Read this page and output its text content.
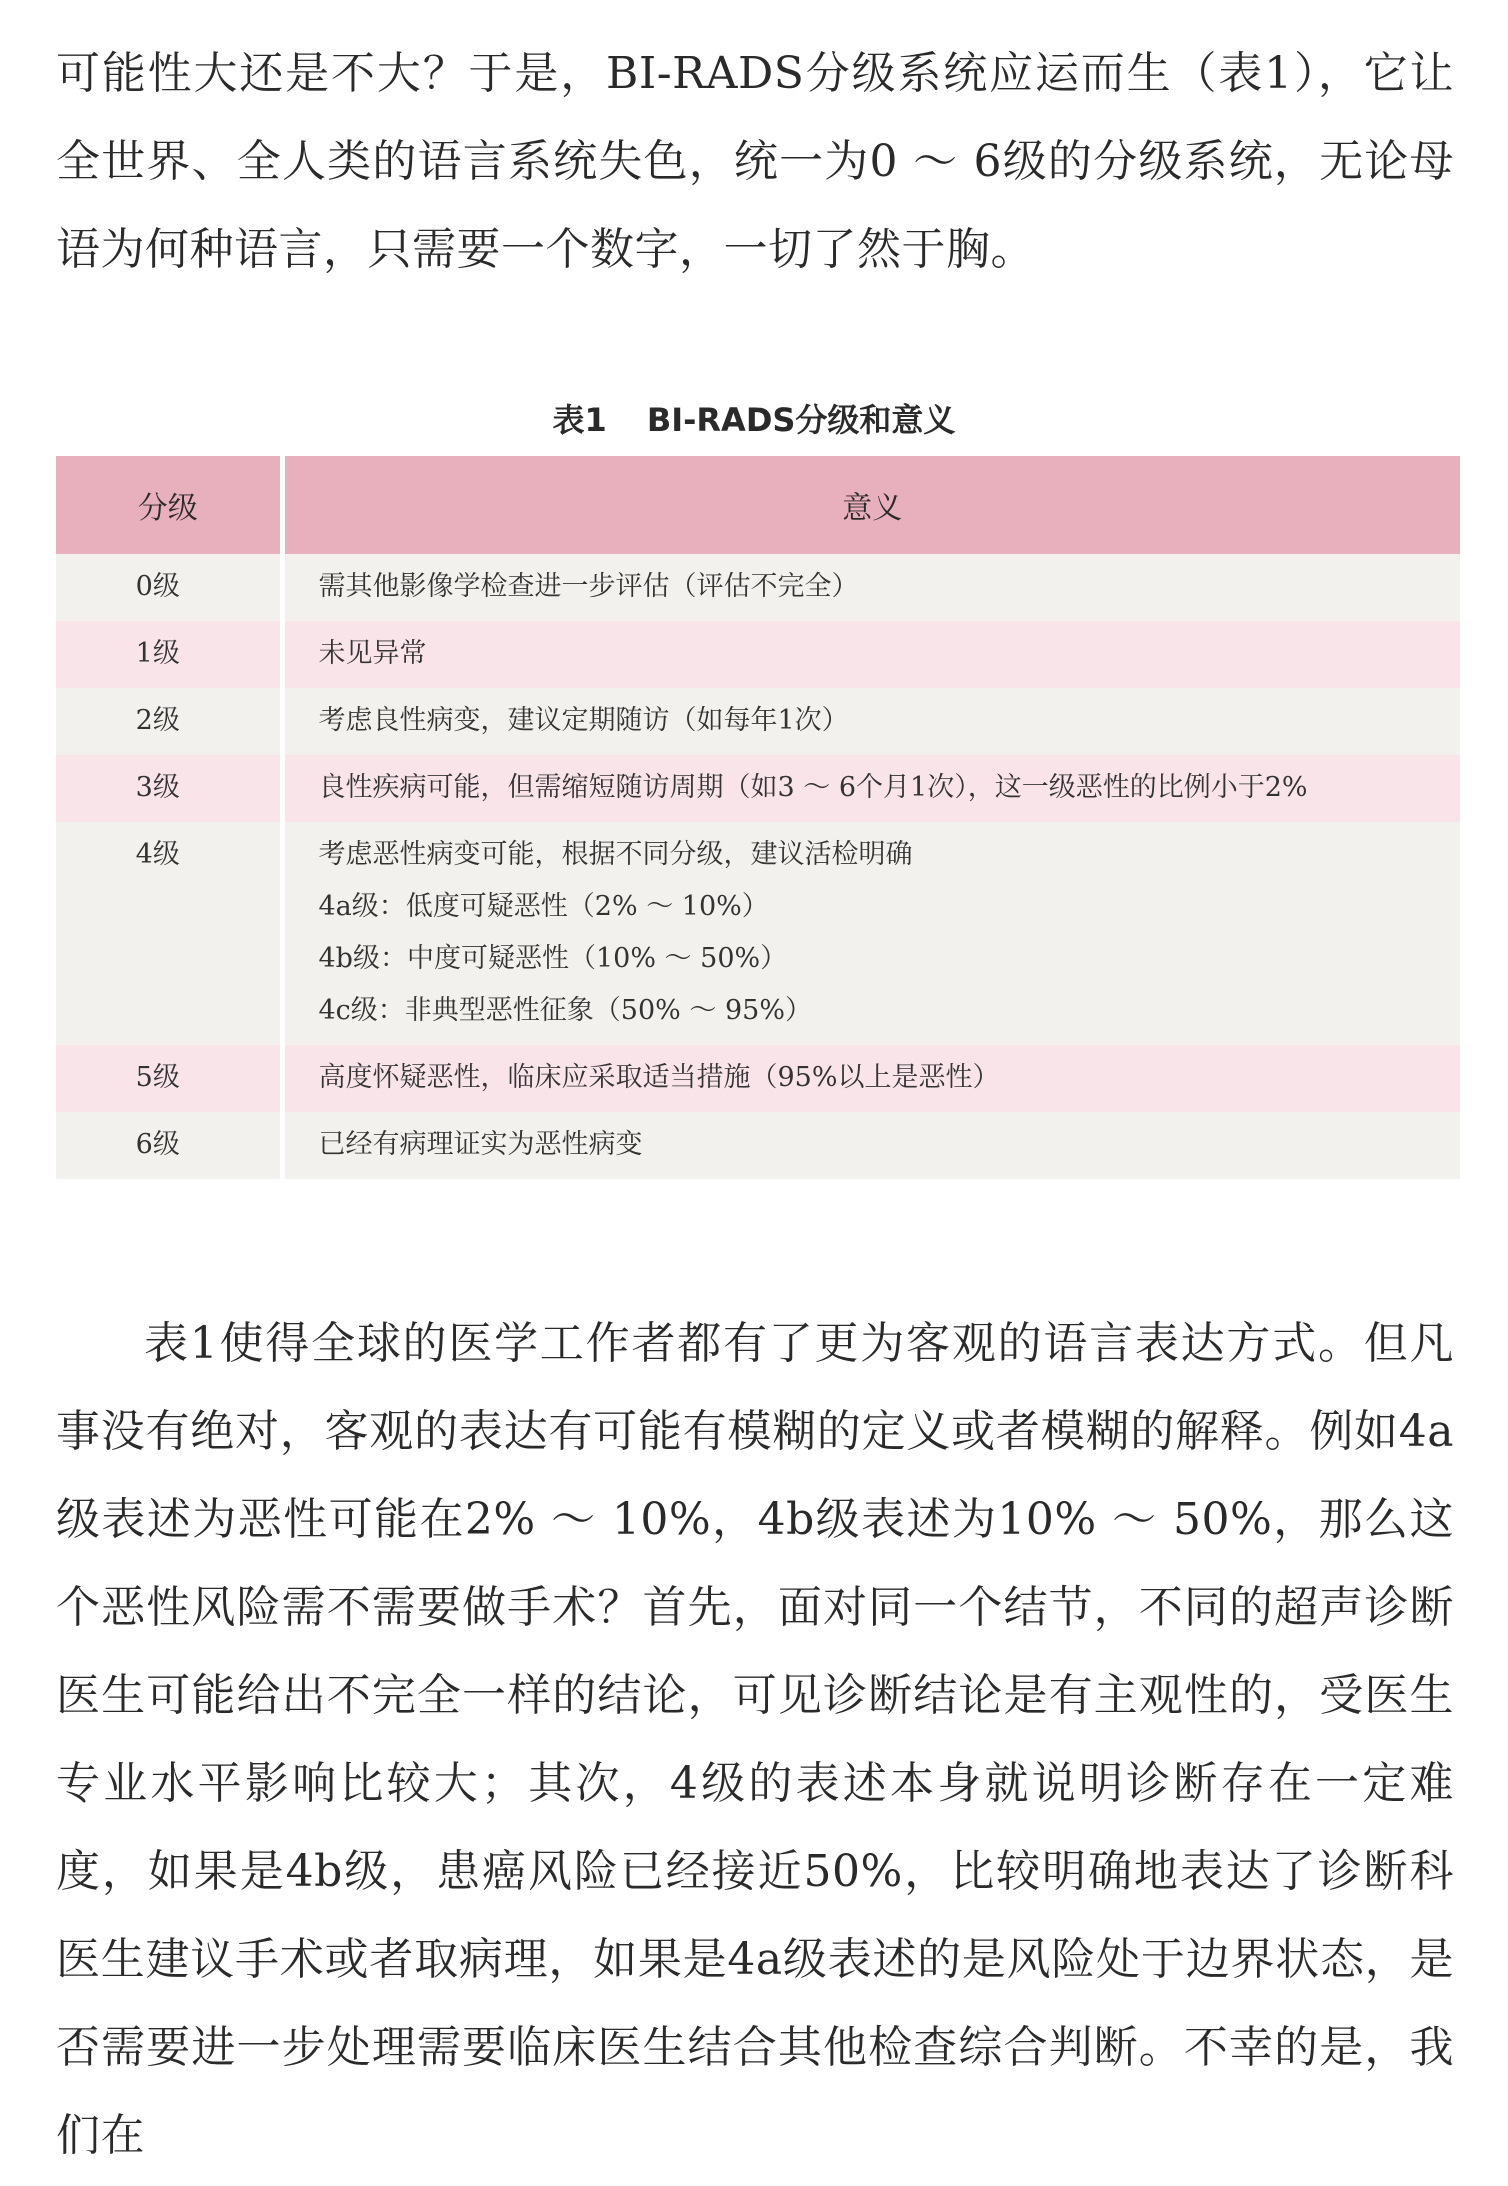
可能性大还是不大？于是，BI-RADS分级系统应运而生（表1），它让全世界、全人类的语言系统失色，统一为0 ～ 6级的分级系统，无论母语为何种语言，只需要一个数字，一切了然于胸。

表1 BI-RADS分级和意义
分级	意义
0级	需其他影像学检查进一步评估（评估不完全）

1级	未见异常

2级	考虑良性病变，建议定期随访（如每年1次）

3级	良性疾病可能，但需缩短随访周期（如3 ～ 6个月1次），这一级恶性的比例小于2%

4级	考虑恶性病变可能，根据不同分级，建议活检明确
4a级：低度可疑恶性（2% ～ 10%）
4b级：中度可疑恶性（10% ～ 50%）
4c级：非典型恶性征象（50% ～ 95%）

5级	高度怀疑恶性，临床应采取适当措施（95%以上是恶性）

6级	已经有病理证实为恶性病变

表1使得全球的医学工作者都有了更为客观的语言表达方式。但凡事没有绝对，客观的表达有可能有模糊的定义或者模糊的解释。例如4a级表述为恶性可能在2% ～ 10%，4b级表述为10% ～ 50%，那么这个恶性风险需不需要做手术？首先，面对同一个结节，不同的超声诊断医生可能给出不完全一样的结论，可见诊断结论是有主观性的，受医生专业水平影响比较大；其次，4级的表述本身就说明诊断存在一定难度，如果是4b级，患癌风险已经接近50%，比较明确地表达了诊断科医生建议手术或者取病理，如果是4a级表述的是风险处于边界状态，是否需要进一步处理需要临床医生结合其他检查综合判断。不幸的是，我们在
